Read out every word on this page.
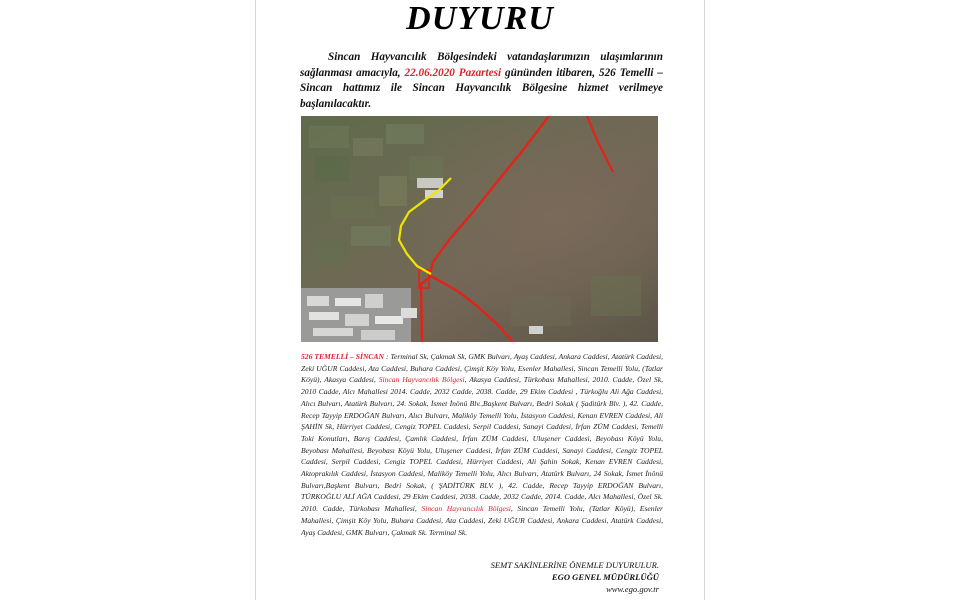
DUYURU
Sincan Hayvancılık Bölgesindeki vatandaşlarımızın ulaşımlarının sağlanması amacıyla, 22.06.2020 Pazartesi gününden itibaren, 526 Temelli – Sincan hattımız ile Sincan Hayvancılık Bölgesine hizmet verilmeye başlanılacaktır.
526 TEMELLİ – SİNCAN : Terminal Sk, Çakmak Sk, GMK Bulvarı, Ayaş Caddesi, Ankara Caddesi, Atatürk Caddesi, Zeki UĞUR Caddesi, Ata Caddesi, Buhara Caddesi, Çimşit Köy Yolu, Esenler Mahallesi, Sincan Temelli Yolu, (Tatlar Köyü), Akasya Caddesi, Sincan Hayvancılık Bölgesi, Akasya Caddesi, Türkobası Mahallesi, 2010. Cadde, Özel Sk, 2010 Cadde, Alcı Mahallesi 2014. Cadde, 2032 Cadde, 2038. Cadde, 29 Ekim Caddesi , Türkoğlu Ali Ağa Caddesi, Alıcı Bulvarı, Atatürk Bulvarı, 24. Sokak, İsmet İnönü Blv.,Başkent Bulvarı, Bedri Sokak ( Şaditürk Blv. ), 42. Cadde, Recep Tayyip ERDOĞAN Bulvarı, Alıcı Bulvarı, Maliköy Temelli Yolu, İstasyon Caddesi, Kenan EVREN Caddesi, Ali ŞAHİN Sk, Hürriyet Caddesi, Cengiz TOPEL Caddesi, Serpil Caddesi, Sanayi Caddesi, İrfan ZÜM Caddesi, Temelli Toki Konutları, Barış Caddesi, Çamlık Caddesi, İrfan ZÜM Caddesi, Uluşener Caddesi, Beyobası Köyü Yolu, Beyobası Mahallesi, Beyobası Köyü Yolu, Uluşener Caddesi, İrfan ZÜM Caddesi, Sanayi Caddesi, Cengiz TOPEL Caddesi, Serpil Caddesi, Cengiz TOPEL Caddesi, Hürriyet Caddesi, Ali Şahin Sokak, Kenan EVREN Caddesi, Aktoprakılık Caddesi, İstasyon Caddesi, Maliköy Temelli Yolu, Alıcı Bulvarı, Atatürk Bulvarı, 24 Sokak, İsmet İnönü Bulvarı,Başkent Bulvarı, Bedri Sokak, ( ŞADİTÜRK BLV. ), 42. Cadde, Recep Tayyip ERDOĞAN Bulvarı, TÜRKOĞLU ALİ AĞA Caddesi, 29 Ekim Caddesi, 2038. Cadde, 2032 Cadde, 2014. Cadde, Alcı Mahallesi, Özel Sk. 2010. Cadde, Türkobası Mahallesi, Sincan Hayvancılık Bölgesi, Sincan Temelli Yolu, (Tatlar Köyü), Esenler Mahallesi, Çimşit Köy Yolu, Buhara Caddesi, Ata Caddesi, Zeki UĞUR Caddesi, Ankara Caddesi, Atatürk Caddesi, Ayaş Caddesi, GMK Bulvarı, Çakmak Sk. Terminal Sk.
SEMT SAKİNLERİNE ÖNEMLE DUYURULUR.
EGO GENEL MÜDÜRLÜĞÜ
www.ego.gov.tr
